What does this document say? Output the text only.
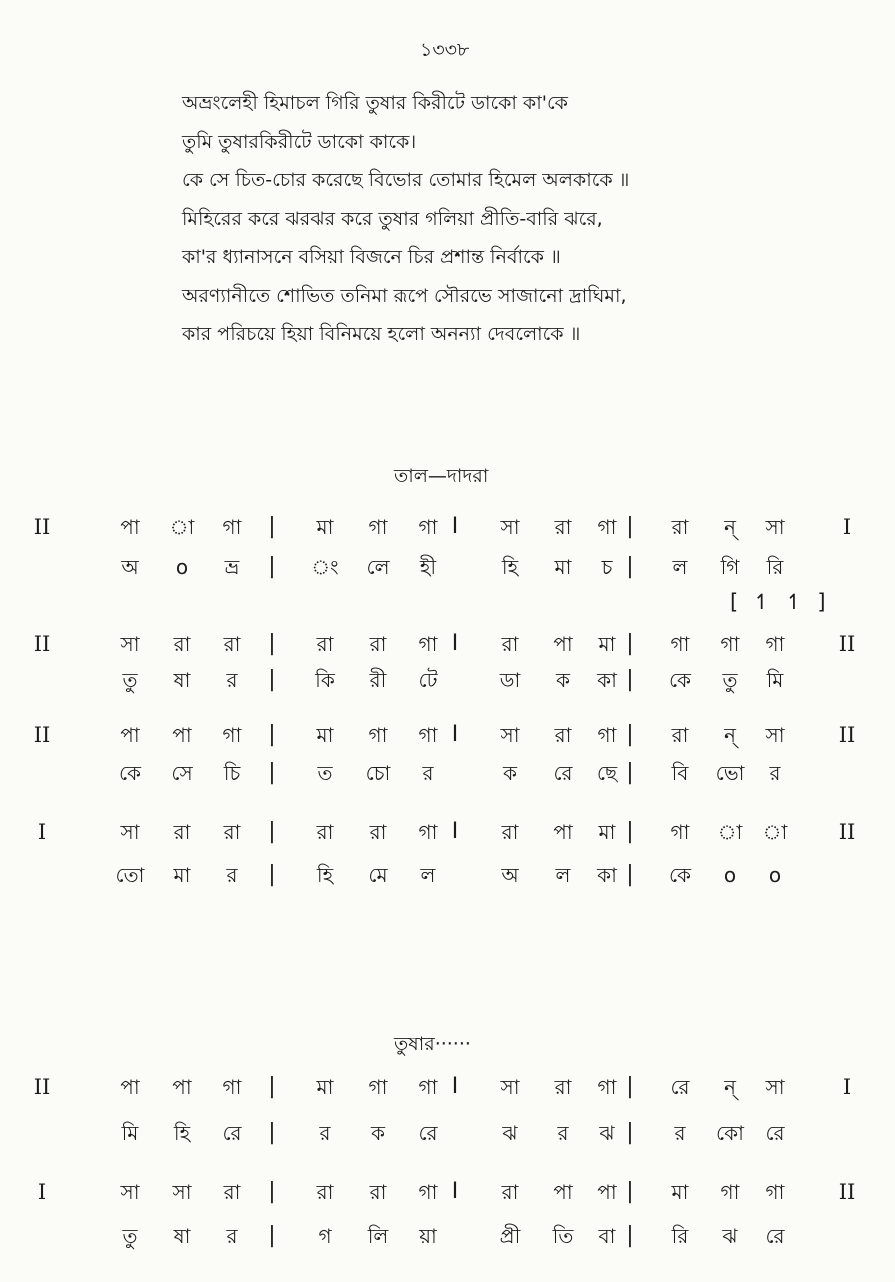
১৩৩৮
অভ্রংলেহী হিমাচল গিরি তুষার কিরীটে ডাকো কা'কে
তুমি তুষারকিরীটে ডাকো কাকে।
কে সে চিত-চোর করেছে বিভোর তোমার হিমেল অলকাকে ॥
মিহিরের করে ঝরঝর করে তুষার গলিয়া প্রীতি-বারি ঝরে,
কা'র ধ্যানাসনে বসিয়া বিজনে চির প্রশান্ত নির্বাকে ॥
অরণ্যানীতে শোভিত তনিমা রূপে সৌরভে সাজানো দ্রাঘিমা,
কার পরিচয়ে হিয়া বিনিময়ে হলো অনন্যা দেবলোকে ॥
তাল—দাদরা
[ ↿ ↿ ]
তুষার······
II	I
পা া গা | মা গা গা I সা রা গা | রা ন্ সা
অ o ভ্র | ং লে হী	হি মা চ | ল গি রি
II	II
সা রা রা | রা রা গা I রা পা মা | গা গা গা
তু ষা র | কি রী টে	ডা ক কা | কে তু মি
II	II
পা পা গা | মা গা গা I সা রা গা | রা ন্ সা
কে সে চি | ত চো র	ক রে ছে | বি ভো র
I	II
সা রা রা | রা রা গা I রা পা মা | গা া া
তো মা র | হি মে ল	অ ল কা | কে o o
II	I
পা পা গা | মা গা গা I সা রা গা | রে ন্ সা
মি হি রে | র ক রে	ঝ র ঝ | র কো রে
I	II
সা সা রা | রা রা গা I রা পা পা | মা গা গা
তু ষা র | গ লি য়া	প্রী তি বা | রি ঝ রে
